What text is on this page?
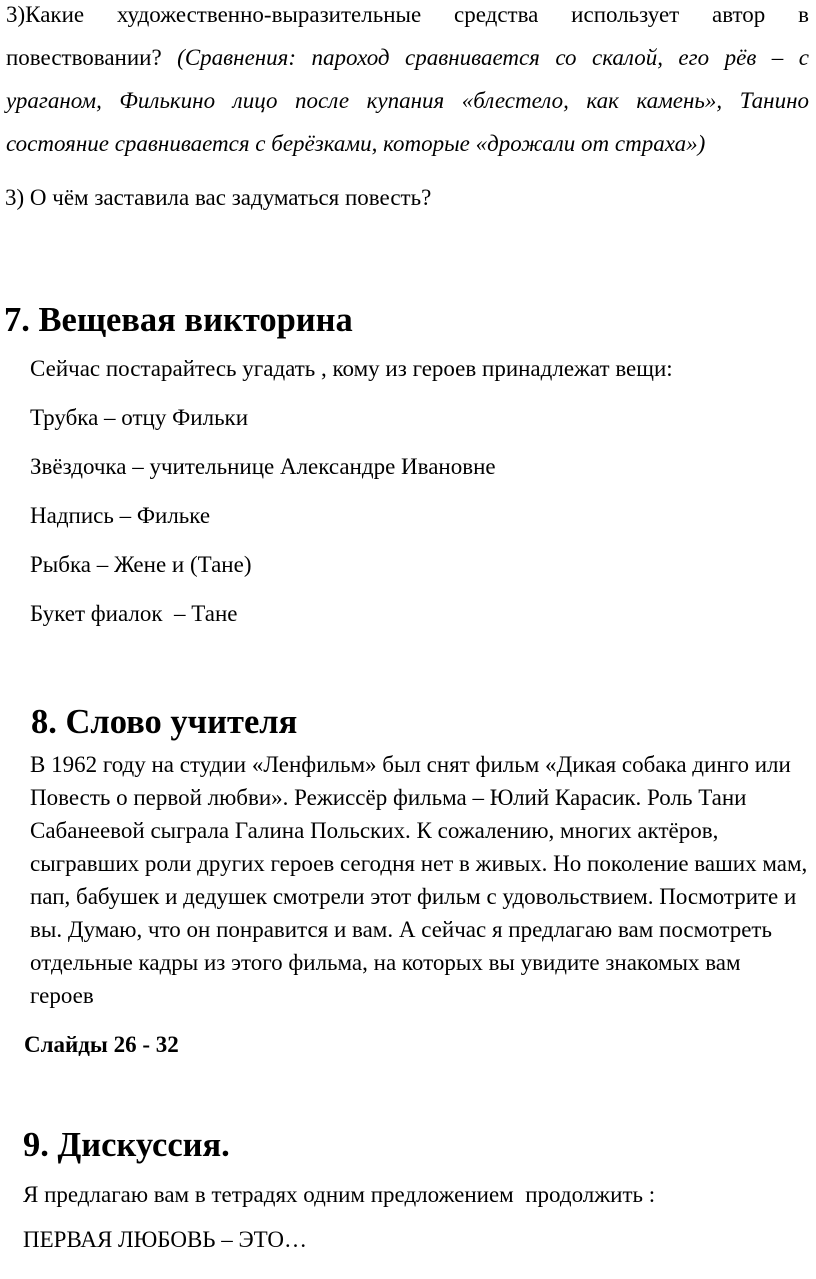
3)Какие художественно-выразительные средства использует автор в повествовании? (Сравнения: пароход сравнивается со скалой, его рёв – с ураганом, Филькино лицо после купания «блестело, как камень», Танино состояние сравнивается с берёзками, которые «дрожали от страха»)

3) О чём заставила вас задуматься повесть?

7. Вещевая викторина
Сейчас постарайтесь угадать , кому из героев принадлежат вещи:
Трубка – отцу Фильки
Звёздочка – учительнице Александре Ивановне
Надпись – Фильке
Рыбка – Жене и (Тане)
Букет фиалок  – Тане
8. Слово учителя

В 1962 году на студии «Ленфильм» был снят фильм «Дикая собака динго или Повесть о первой любви». Режиссёр фильма – Юлий Карасик. Роль Тани Сабанеевой сыграла Галина Польских. К сожалению, многих актёров, сыгравших роли других героев сегодня нет в живых. Но поколение ваших мам, пап, бабушек и дедушек смотрели этот фильм с удовольствием. Посмотрите и вы. Думаю, что он понравится и вам. А сейчас я предлагаю вам посмотреть отдельные кадры из этого фильма, на которых вы увидите знакомых вам героев

Слайды 26 - 32

9. Дискуссия.

Я предлагаю вам в тетрадях одним предложением  продолжить :

ПЕРВАЯ ЛЮБОВЬ – ЭТО…
